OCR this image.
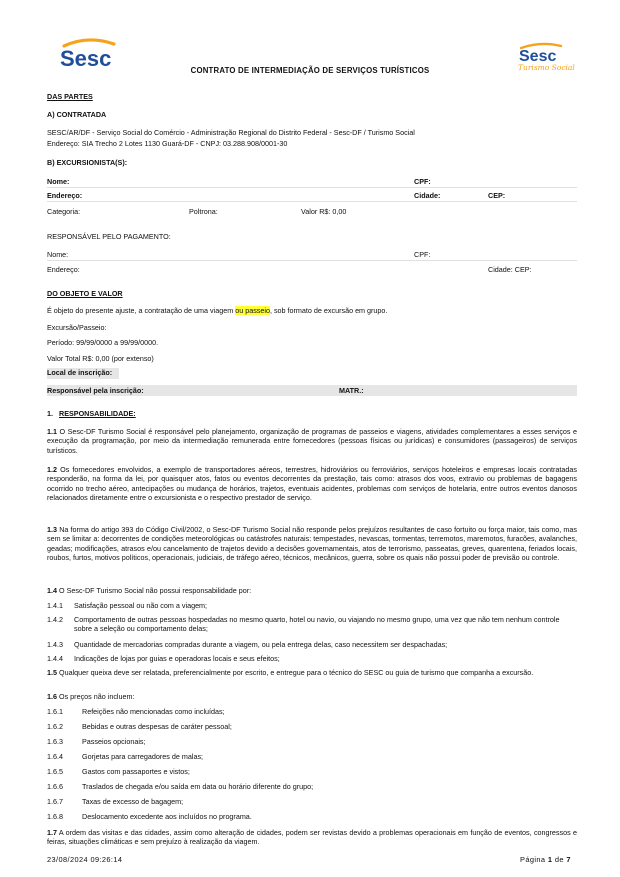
Sesc	Sesc
Turismo Social
CONTRATO DE INTERMEDIAÇÃO DE SERVIÇOS TURÍSTICOS
DAS PARTES
A) CONTRATADA
SESC/AR/DF - Serviço Social do Comércio - Administração Regional do Distrito Federal - Sesc-DF / Turismo Social
Endereço: SIA Trecho 2 Lotes 1130 Guará-DF - CNPJ: 03.288.908/0001-30
B) EXCURSIONISTA(S):
Nome:	CPF:
Endereço:	Cidade:	CEP:
Categoria:	Poltrona:	Valor R$: 0,00
RESPONSÁVEL PELO PAGAMENTO:
Nome:	CPF:
Endereço:	Cidade: CEP:
DO OBJETO E VALOR
É objeto do presente ajuste, a contratação de uma viagem ou passeio, sob formato de excursão em grupo.
Excursão/Passeio:
Período: 99/99/0000 a 99/99/0000.
Valor Total R$: 0,00 (por extenso)
Local de inscrição:
Responsável pela inscrição:	MATR.:
1. RESPONSABILIDADE:
1.1 O Sesc-DF Turismo Social é responsável pelo planejamento, organização de programas de passeios e viagens, atividades complementares a esses serviços e execução da programação, por meio da intermediação remunerada entre fornecedores (pessoas físicas ou jurídicas) e consumidores (passageiros) de serviços turísticos.
1.2 Os fornecedores envolvidos, a exemplo de transportadores aéreos, terrestres, hidroviários ou ferroviários, serviços hoteleiros e empresas locais contratadas responderão, na forma da lei, por quaisquer atos, fatos ou eventos decorrentes da prestação, tais como: atrasos dos voos, extravio ou problemas de bagagens ocorrido no trecho aéreo, antecipações ou mudança de horários, trajetos, eventuais acidentes, problemas com serviços de hotelaria, entre outros eventos danosos relacionados diretamente entre o excursionista e o respectivo prestador de serviço.
1.3 Na forma do artigo 393 do Código Civil/2002, o Sesc-DF Turismo Social não responde pelos prejuízos resultantes de caso fortuito ou força maior, tais como, mas sem se limitar a: decorrentes de condições meteorológicas ou catástrofes naturais: tempestades, nevascas, tormentas, terremotos, maremotos, furacões, avalanches, geadas; modificações, atrasos e/ou cancelamento de trajetos devido a decisões governamentais, atos de terrorismo, passeatas, greves, quarentena, feriados locais, roubos, furtos, motivos políticos, operacionais, judiciais, de tráfego aéreo, técnicos, mecânicos, guerra, sobre os quais não possui poder de previsão ou controle.
1.4 O Sesc-DF Turismo Social não possui responsabilidade por:
1.4.1 Satisfação pessoal ou não com a viagem;
1.4.2	Comportamento de outras pessoas hospedadas no mesmo quarto, hotel ou navio, ou viajando no mesmo grupo, uma vez que não tem nenhum controle sobre a seleção ou comportamento delas;
1.4.3 Quantidade de mercadorias compradas durante a viagem, ou pela entrega delas, caso necessitem ser despachadas;
1.4.4 Indicações de lojas por guias e operadoras locais e seus efeitos;
1.5 Qualquer queixa deve ser relatada, preferencialmente por escrito, e entregue para o técnico do SESC ou guia de turismo que companha a excursão.
1.6 Os preços não incluem:
1.6.1	Refeições não mencionadas como incluídas;
1.6.2	Bebidas e outras despesas de caráter pessoal;
1.6.3	Passeios opcionais;
1.6.4	Gorjetas para carregadores de malas;
1.6.5	Gastos com passaportes e vistos;
1.6.6	Traslados de chegada e/ou saída em data ou horário diferente do grupo;
1.6.7	Taxas de excesso de bagagem;
1.6.8	Deslocamento excedente aos incluídos no programa.
1.7 A ordem das visitas e das cidades, assim como alteração de cidades, podem ser revistas devido a problemas operacionais em função de eventos, congressos e feiras, situações climáticas e sem prejuízo à realização da viagem.
23/08/2024 09:26:14	Página 1 de 7
